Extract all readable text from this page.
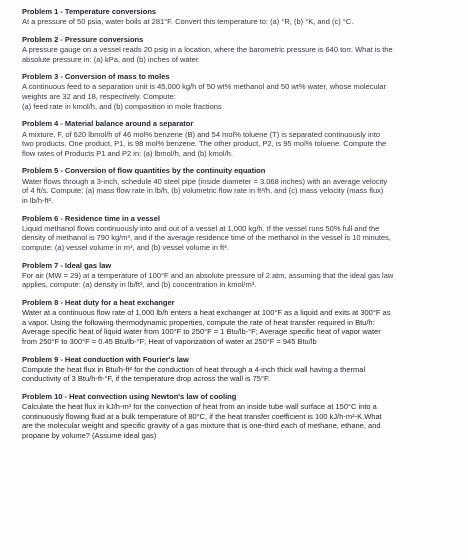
Problem 1 - Temperature conversions
At a pressure of 50 psia, water boils at 281°F. Convert this temperature to: (a) °R, (b) °K, and (c) °C.
Problem 2 - Pressure conversions
A pressure gauge on a vessel reads 20 psig in a location, where the barometric pressure is 640 torr. What is the
absolute pressure in: (a) kPa, and (b) inches of water.
Problem 3 - Conversion of mass to moles
A continuous feed to a separation unit is 45,000 kg/h of 50 wt% methanol and 50 wt% water, whose molecular
weights are 32 and 18, respectively. Compute:
(a) feed rate in kmol/h, and (b) composition in mole fractions
Problem 4 - Material balance around a separator
A mixture, F, of 620 lbmol/h of 46 mol% benzene (B) and 54 mol% toluene (T) is separated continuously into
two products. One product, P1, is 98 mol% benzene. The other product, P2, is 95 mol% toluene. Compute the
flow rates of Products P1 and P2 in: (a) lbmol/h, and (b) kmol/h.
Problem 5 - Conversion of flow quantities by the continuity equation
Water flows through a 3-inch, schedule 40 steel pipe (inside diameter = 3.068 inches) with an average velocity
of 4 ft/s. Compute: (a) mass flow rate in lb/h, (b) volumetric flow rate in ft³/h, and (c) mass velocity (mass flux)
in lb/h-ft².
Problem 6 - Residence time in a vessel
Liquid methanol flows continuously into and out of a vessel at 1,000 kg/h. If the vessel runs 50% full and the
density of methanol is 790 kg/m³, and if the average residence time of the methanol in the vessel is 10 minutes,
compute: (a) vessel volume in m³, and (b) vessel volume in ft³.
Problem 7 - Ideal gas law
For air (MW = 29) at a temperature of 100°F and an absolute pressure of 2 atm, assuming that the ideal gas law
applies, compute: (a) density in lb/ft³, and (b) concentration in kmol/m³.
Problem 8 - Heat duty for a heat exchanger
Water at a continuous flow rate of 1,000 lb/h enters a heat exchanger at 100°F as a liquid and exits at 300°F as
a vapor. Using the following thermodynamic properties, compute the rate of heat transfer required in Btu/h:
Average specific heat of liquid water from 100°F to 250°F = 1 Btu/lb-°F; Average specific heat of vapor water
from 250°F to 300°F = 0.45 Btu/lb-°F; Heat of vaporization of water at 250°F = 945 Btu/lb
Problem 9 - Heat conduction with Fourier's law
Compute the heat flux in Btu/h-ft² for the conduction of heat through a 4-inch thick wall having a thermal
conductivity of 3 Btu/h-ft-°F, if the temperature drop across the wall is 75°F.
Problem 10 - Heat convection using Newton's law of cooling
Calculate the heat flux in kJ/h-m² for the convection of heat from an inside tube wall surface at 150°C into a
continuously flowing fluid at a bulk temperature of 80°C, if the heat transfer coefficient is 100 kJ/h-m²-K.What
are the molecular weight and specific gravity of a gas mixture that is one-third each of methane, ethane, and
propane by volume? (Assume ideal gas)
